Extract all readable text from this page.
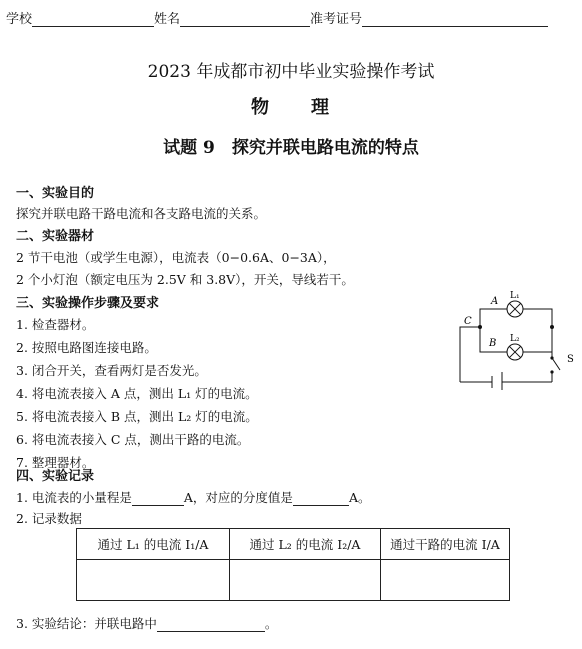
学校	姓名	准考证号
2023 年成都市初中毕业实验操作考试
物　　理
试题 9　探究并联电路电流的特点
一、实验目的
探究并联电路干路电流和各支路电流的关系。
二、实验器材
2 节干电池（或学生电源），电流表（0−0.6A、0−3A），
2 个小灯泡（额定电压为 2.5V 和 3.8V），开关，导线若干。
三、实验操作步骤及要求
1. 检查器材。
2. 按照电路图连接电路。
3. 闭合开关，查看两灯是否发光。
4. 将电流表接入 A 点，测出 L₁ 灯的电流。
5. 将电流表接入 B 点，测出 L₂ 灯的电流。
6. 将电流表接入 C 点，测出干路的电流。
7. 整理器材。
四、实验记录
1. 电流表的小量程是	A，对应的分度值是	A。
2. 记录数据
通过 L₁ 的电流 I₁/A	通过 L₂ 的电流 I₂/A	通过干路的电流 I/A

3. 实验结论：并联电路中	。
A
B
C
L₁
L₂
S
